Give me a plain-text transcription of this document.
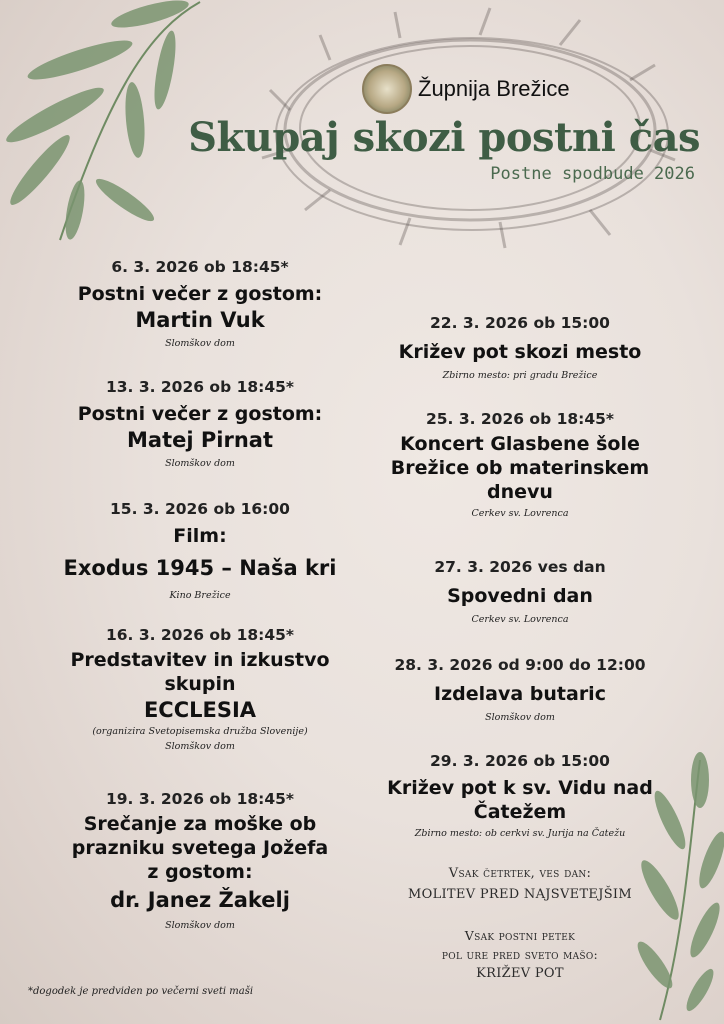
Župnija Brežice
Skupaj skozi postni čas
Postne spodbude 2026
6. 3. 2026 ob 18:45*
Postni večer z gostom:
Martin Vuk
Slomškov dom
13. 3. 2026 ob 18:45*
Postni večer z gostom:
Matej Pirnat
Slomškov dom
15. 3. 2026 ob 16:00
Film:
Exodus 1945 – Naša kri
Kino Brežice
16. 3. 2026 ob 18:45*
Predstavitev in izkustvo
skupin
ECCLESIA
(organizira Svetopisemska družba Slovenije)
Slomškov dom
19. 3. 2026 ob 18:45*
Srečanje za moške ob
prazniku svetega Jožefa
z gostom:
dr. Janez Žakelj
Slomškov dom
22. 3. 2026 ob 15:00
Križev pot skozi mesto
Zbirno mesto: pri gradu Brežice
25. 3. 2026 ob 18:45*
Koncert Glasbene šole
Brežice ob materinskem
dnevu
Cerkev sv. Lovrenca
27. 3. 2026 ves dan
Spovedni dan
Cerkev sv. Lovrenca
28. 3. 2026 od 9:00 do 12:00
Izdelava butaric
Slomškov dom
29. 3. 2026 ob 15:00
Križev pot k sv. Vidu nad
Čatežem
Zbirno mesto: ob cerkvi sv. Jurija na Čatežu
Vsak četrtek, ves dan:
MOLITEV PRED NAJSVETEJŠIM
Vsak postni petek
pol ure pred sveto mašo:
KRIŽEV POT
*dogodek je predviden po večerni sveti maši
